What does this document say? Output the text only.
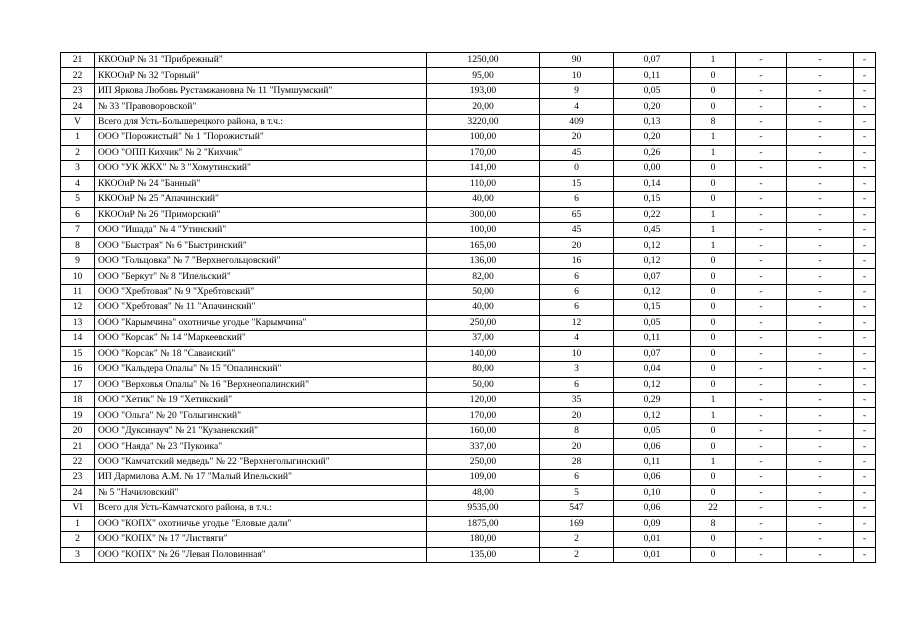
21	ККООиР № 31 "Прибрежный"	1250,00	90	0,07	1	-	-	-
22	ККООиР № 32 "Горный"	95,00	10	0,11	0	-	-	-
23	ИП Яркова Любовь Рустамжановна № 11 "Пумшумский"	193,00	9	0,05	0	-	-	-
24	№ 33 "Правоворовской"	20,00	4	0,20	0	-	-	-
V	Всего для Усть-Большерецкого района, в т.ч.:	3220,00	409	0,13	8	-	-	-
1	ООО "Порожистый" № 1 "Порожистый"	100,00	20	0,20	1	-	-	-
2	ООО "ОПП Кихчик" № 2 "Кихчик"	170,00	45	0,26	1	-	-	-
3	ООО "УК ЖКХ" № 3 "Хомутинский"	141,00	0	0,00	0	-	-	-
4	ККООиР № 24 "Банный"	110,00	15	0,14	0	-	-	-
5	ККООиР № 25 "Апачинский"	40,00	6	0,15	0	-	-	-
6	ККООиР № 26 "Приморский"	300,00	65	0,22	1	-	-	-
7	ООО "Ишада" № 4 "Утинский"	100,00	45	0,45	1	-	-	-
8	ООО "Быстрая" № 6 "Быстринский"	165,00	20	0,12	1	-	-	-
9	ООО "Гольцовка" № 7 "Верхнегольцовский"	136,00	16	0,12	0	-	-	-
10	ООО "Беркут" № 8 "Ипельский"	82,00	6	0,07	0	-	-	-
11	ООО "Хребтовая" № 9 "Хребтовский"	50,00	6	0,12	0	-	-	-
12	ООО "Хребтовая" № 11 "Апачинский"	40,00	6	0,15	0	-	-	-
13	ООО "Карымчина" охотничье угодье "Карымчина"	250,00	12	0,05	0	-	-	-
14	ООО "Корсак" № 14 "Маркеевский"	37,00	4	0,11	0	-	-	-
15	ООО "Корсак" № 18 "Саваиский"	140,00	10	0,07	0	-	-	-
16	ООО "Кальдера Опалы" № 15 "Опалинский"	80,00	3	0,04	0	-	-	-
17	ООО "Верховья Опалы" № 16 "Верхнеопалинский"	50,00	6	0,12	0	-	-	-
18	ООО "Хетик" № 19 "Хетикский"	120,00	35	0,29	1	-	-	-
19	ООО "Ольга" № 20 "Голыгинский"	170,00	20	0,12	1	-	-	-
20	ООО "Дуксинауч" № 21 "Кузанекский"	160,00	8	0,05	0	-	-	-
21	ООО "Наяда" № 23 "Пукоика"	337,00	20	0,06	0	-	-	-
22	ООО "Камчатский медведь" № 22 "Верхнеголыгинский"	250,00	28	0,11	1	-	-	-
23	ИП Дармилова А.М. № 17 "Малый Ипельский"	109,00	6	0,06	0	-	-	-
24	№ 5 "Начиловский"	48,00	5	0,10	0	-	-	-
VI	Всего для Усть-Камчатского района, в т.ч.:	9535,00	547	0,06	22	-	-	-
1	ООО "КОПХ" охотничье угодье "Еловые дали"	1875,00	169	0,09	8	-	-	-
2	ООО "КОПХ" № 17 "Листвяги"	180,00	2	0,01	0	-	-	-
3	ООО "КОПХ" № 26 "Левая Половинная"	135,00	2	0,01	0	-	-	-
